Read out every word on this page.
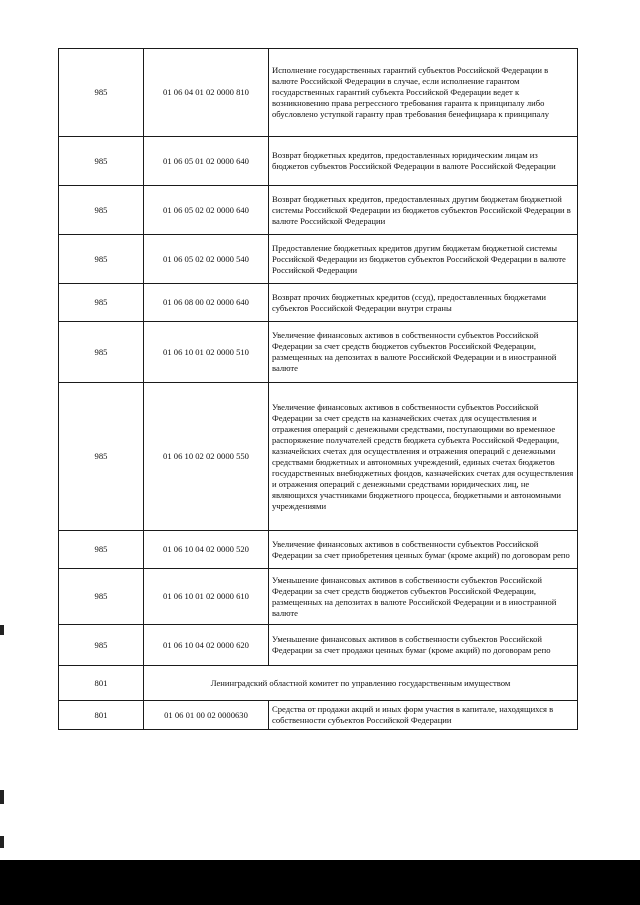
985	01 06 04 01 02 0000 810	Исполнение государственных гарантий субъектов Российской Федерации в валюте Российской Федерации в случае, если исполнение гарантом государственных гарантий субъекта Российской Федерации ведет к возникновению права регрессного требования гаранта к принципалу либо обусловлено уступкой гаранту прав требования бенефициара к принципалу
985	01 06 05 01 02 0000 640	Возврат бюджетных кредитов, предоставленных юридическим лицам из бюджетов субъектов Российской Федерации в валюте Российской Федерации
985	01 06 05 02 02 0000 640	Возврат бюджетных кредитов, предоставленных другим бюджетам бюджетной системы Российской Федерации из бюджетов субъектов Российской Федерации в валюте Российской Федерации
985	01 06 05 02 02 0000 540	Предоставление бюджетных кредитов другим бюджетам бюджетной системы Российской Федерации из бюджетов субъектов Российской Федерации в валюте Российской Федерации
985	01 06 08 00 02 0000 640	Возврат прочих бюджетных кредитов (ссуд), предоставленных бюджетами субъектов Российской Федерации внутри страны
985	01 06 10 01 02 0000 510	Увеличение финансовых активов в собственности субъектов Российской Федерации за счет средств бюджетов субъектов Российской Федерации, размещенных на депозитах в валюте Российской Федерации и в иностранной валюте
985	01 06 10 02 02 0000 550	Увеличение финансовых активов в собственности субъектов Российской Федерации за счет средств на казначейских счетах для осуществления и отражения операций с денежными средствами, поступающими во временное распоряжение получателей средств бюджета субъекта Российской Федерации, казначейских счетах для осуществления и отражения операций с денежными средствами бюджетных и автономных учреждений, единых счетах бюджетов государственных внебюджетных фондов, казначейских счетах для осуществления и отражения операций с денежными средствами юридических лиц, не являющихся участниками бюджетного процесса, бюджетными и автономными учреждениями
985	01 06 10 04 02 0000 520	Увеличение финансовых активов в собственности субъектов Российской Федерации за счет приобретения ценных бумаг (кроме акций) по договорам репо
985	01 06 10 01 02 0000 610	Уменьшение финансовых активов в собственности субъектов Российской Федерации за счет средств бюджетов субъектов Российской Федерации, размещенных на депозитах в валюте Российской Федерации и в иностранной валюте
985	01 06 10 04 02 0000 620	Уменьшение финансовых активов в собственности субъектов Российской Федерации за счет продажи ценных бумаг (кроме акций) по договорам репо
801	Ленинградский областной комитет по управлению государственным имуществом	
801	01 06 01 00 02 0000630	Средства от продажи акций и иных форм участия в капитале, находящихся в собственности субъектов Российской Федерации
